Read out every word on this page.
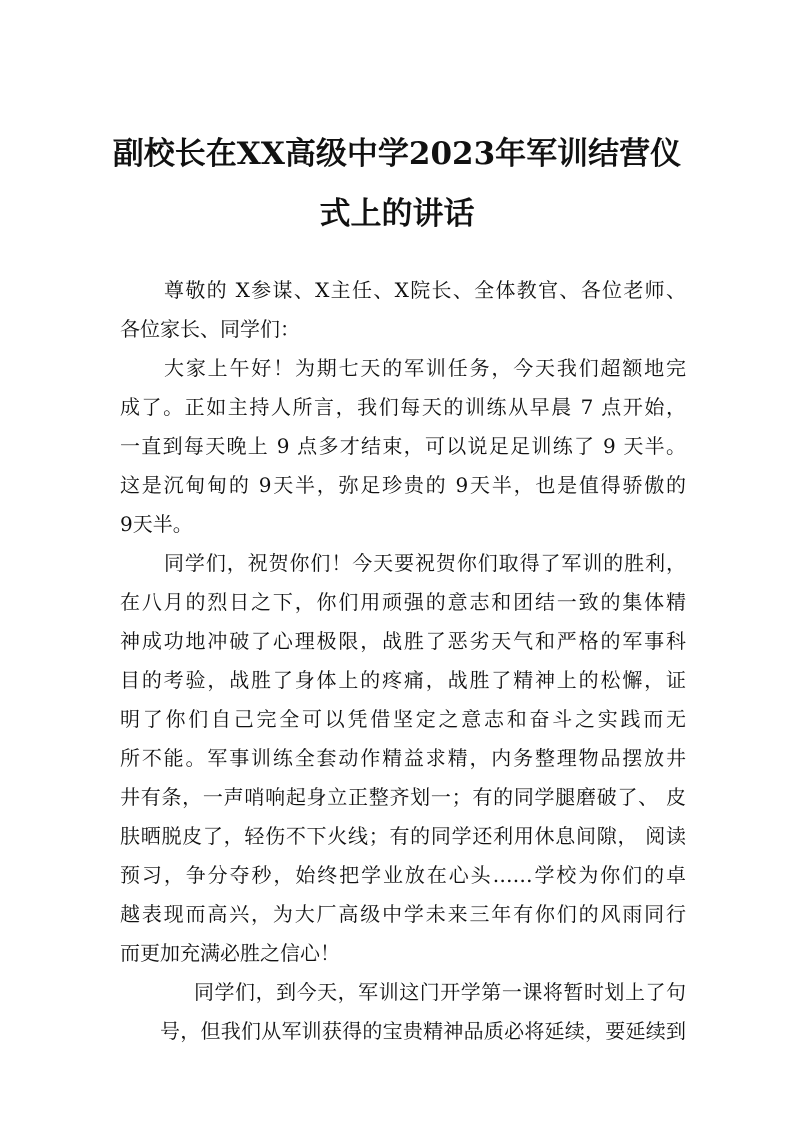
副校长在XX高级中学2023年军训结营仪
式上的讲话
尊敬的 X参谋、X主任、X院长、全体教官、各位老师、
各位家长、同学们：
大家上午好！为期七天的军训任务，今天我们超额地完
成了。正如主持人所言，我们每天的训练从早晨 7 点开始，
一直到每天晚上 9 点多才结束，可以说足足训练了 9 天半。
这是沉甸甸的 9天半，弥足珍贵的 9天半，也是值得骄傲的
9天半。
同学们，祝贺你们！今天要祝贺你们取得了军训的胜利，
在八月的烈日之下，你们用顽强的意志和团结一致的集体精
神成功地冲破了心理极限，战胜了恶劣天气和严格的军事科
目的考验，战胜了身体上的疼痛，战胜了精神上的松懈，证
明了你们自己完全可以凭借坚定之意志和奋斗之实践而无
所不能。军事训练全套动作精益求精，内务整理物品摆放井
井有条，一声哨响起身立正整齐划一；有的同学腿磨破了、 皮
肤晒脱皮了，轻伤不下火线；有的同学还利用休息间隙， 阅读
预习，争分夺秒，始终把学业放在心头……学校为你们的卓
越表现而高兴，为大厂高级中学未来三年有你们的风雨同行
而更加充满必胜之信心！
同学们，到今天，军训这门开学第一课将暂时划上了句
号，但我们从军训获得的宝贵精神品质必将延续，要延续到
